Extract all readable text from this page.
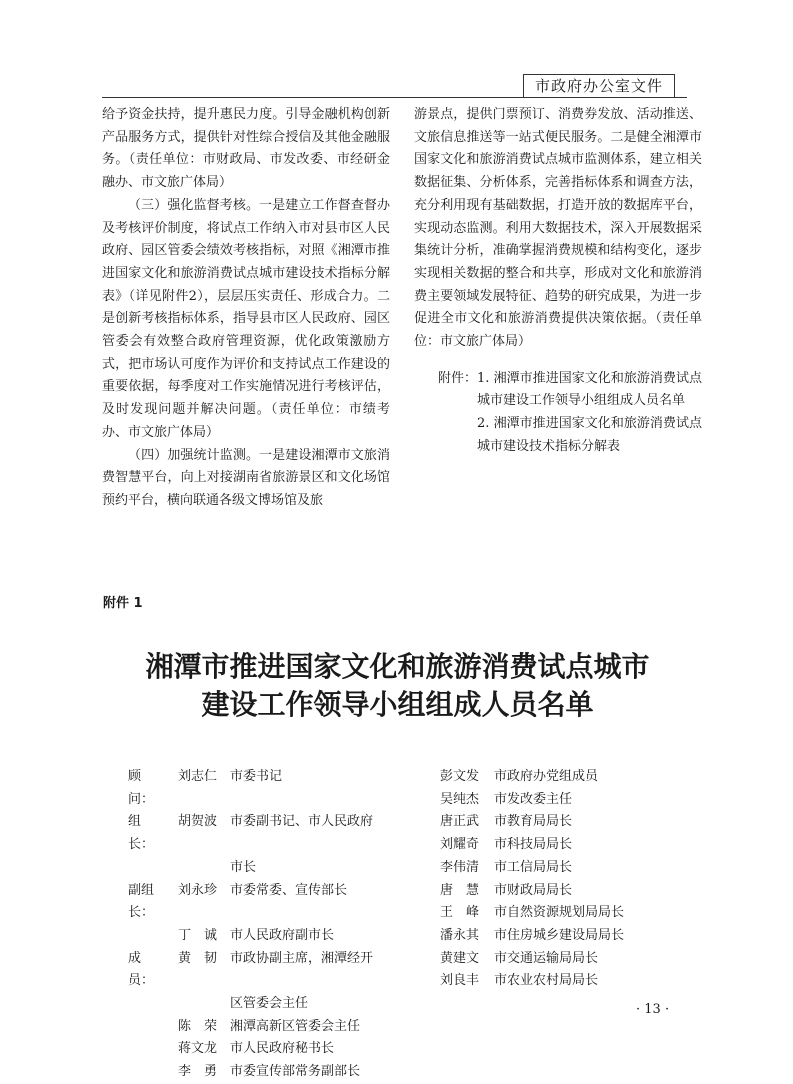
市政府办公室文件

给予资金扶持，提升惠民力度。引导金融机构创新产品服务方式，提供针对性综合授信及其他金融服务。（责任单位：市财政局、市发改委、市经研金融办、市文旅广体局）

（三）强化监督考核。一是建立工作督查督办及考核评价制度，将试点工作纳入市对县市区人民政府、园区管委会绩效考核指标，对照《湘潭市推进国家文化和旅游消费试点城市建设技术指标分解表》（详见附件2），层层压实责任、形成合力。二是创新考核指标体系，指导县市区人民政府、园区管委会有效整合政府管理资源，优化政策激励方式，把市场认可度作为评价和支持试点工作建设的重要依据，每季度对工作实施情况进行考核评估，及时发现问题并解决问题。（责任单位：市绩考办、市文旅广体局）

（四）加强统计监测。一是建设湘潭市文旅消费智慧平台，向上对接湖南省旅游景区和文化场馆预约平台，横向联通各级文博场馆及旅

游景点，提供门票预订、消费券发放、活动推送、文旅信息推送等一站式便民服务。二是健全湘潭市国家文化和旅游消费试点城市监测体系，建立相关数据征集、分析体系，完善指标体系和调查方法，充分利用现有基础数据，打造开放的数据库平台，实现动态监测。利用大数据技术，深入开展数据采集统计分析，准确掌握消费规模和结构变化，逐步实现相关数据的整合和共享，形成对文化和旅游消费主要领域发展特征、趋势的研究成果，为进一步促进全市文化和旅游消费提供决策依据。（责任单位：市文旅广体局）

附件： 1. 湘潭市推进国家文化和旅游消费试点城市建设工作领导小组组成人员名单

2. 湘潭市推进国家文化和旅游消费试点城市建设技术指标分解表

附件 1
湘潭市推进国家文化和旅游消费试点城市
建设工作领导小组组成人员名单
顾　问：
刘志仁 市委书记
组　长：
胡贺波 市委副书记、市人民政府
市长
副组长：
刘永珍 市委常委、宣传部长
丁　诚 市人民政府副市长
成　员：
黄　韧 市政协副主席，湘潭经开
区管委会主任
陈　荣 湘潭高新区管委会主任
蒋文龙 市人民政府秘书长
李　勇 市委宣传部常务副部长
彭文发	市政府办党组成员
吴纯杰	市发改委主任
唐正武	市教育局局长
刘耀奇	市科技局局长
李伟清	市工信局局长
唐　慧	市财政局局长
王　峰	市自然资源规划局局长
潘永其	市住房城乡建设局局长
黄建文	市交通运输局局长
刘良丰	市农业农村局局长
· 13 ·
